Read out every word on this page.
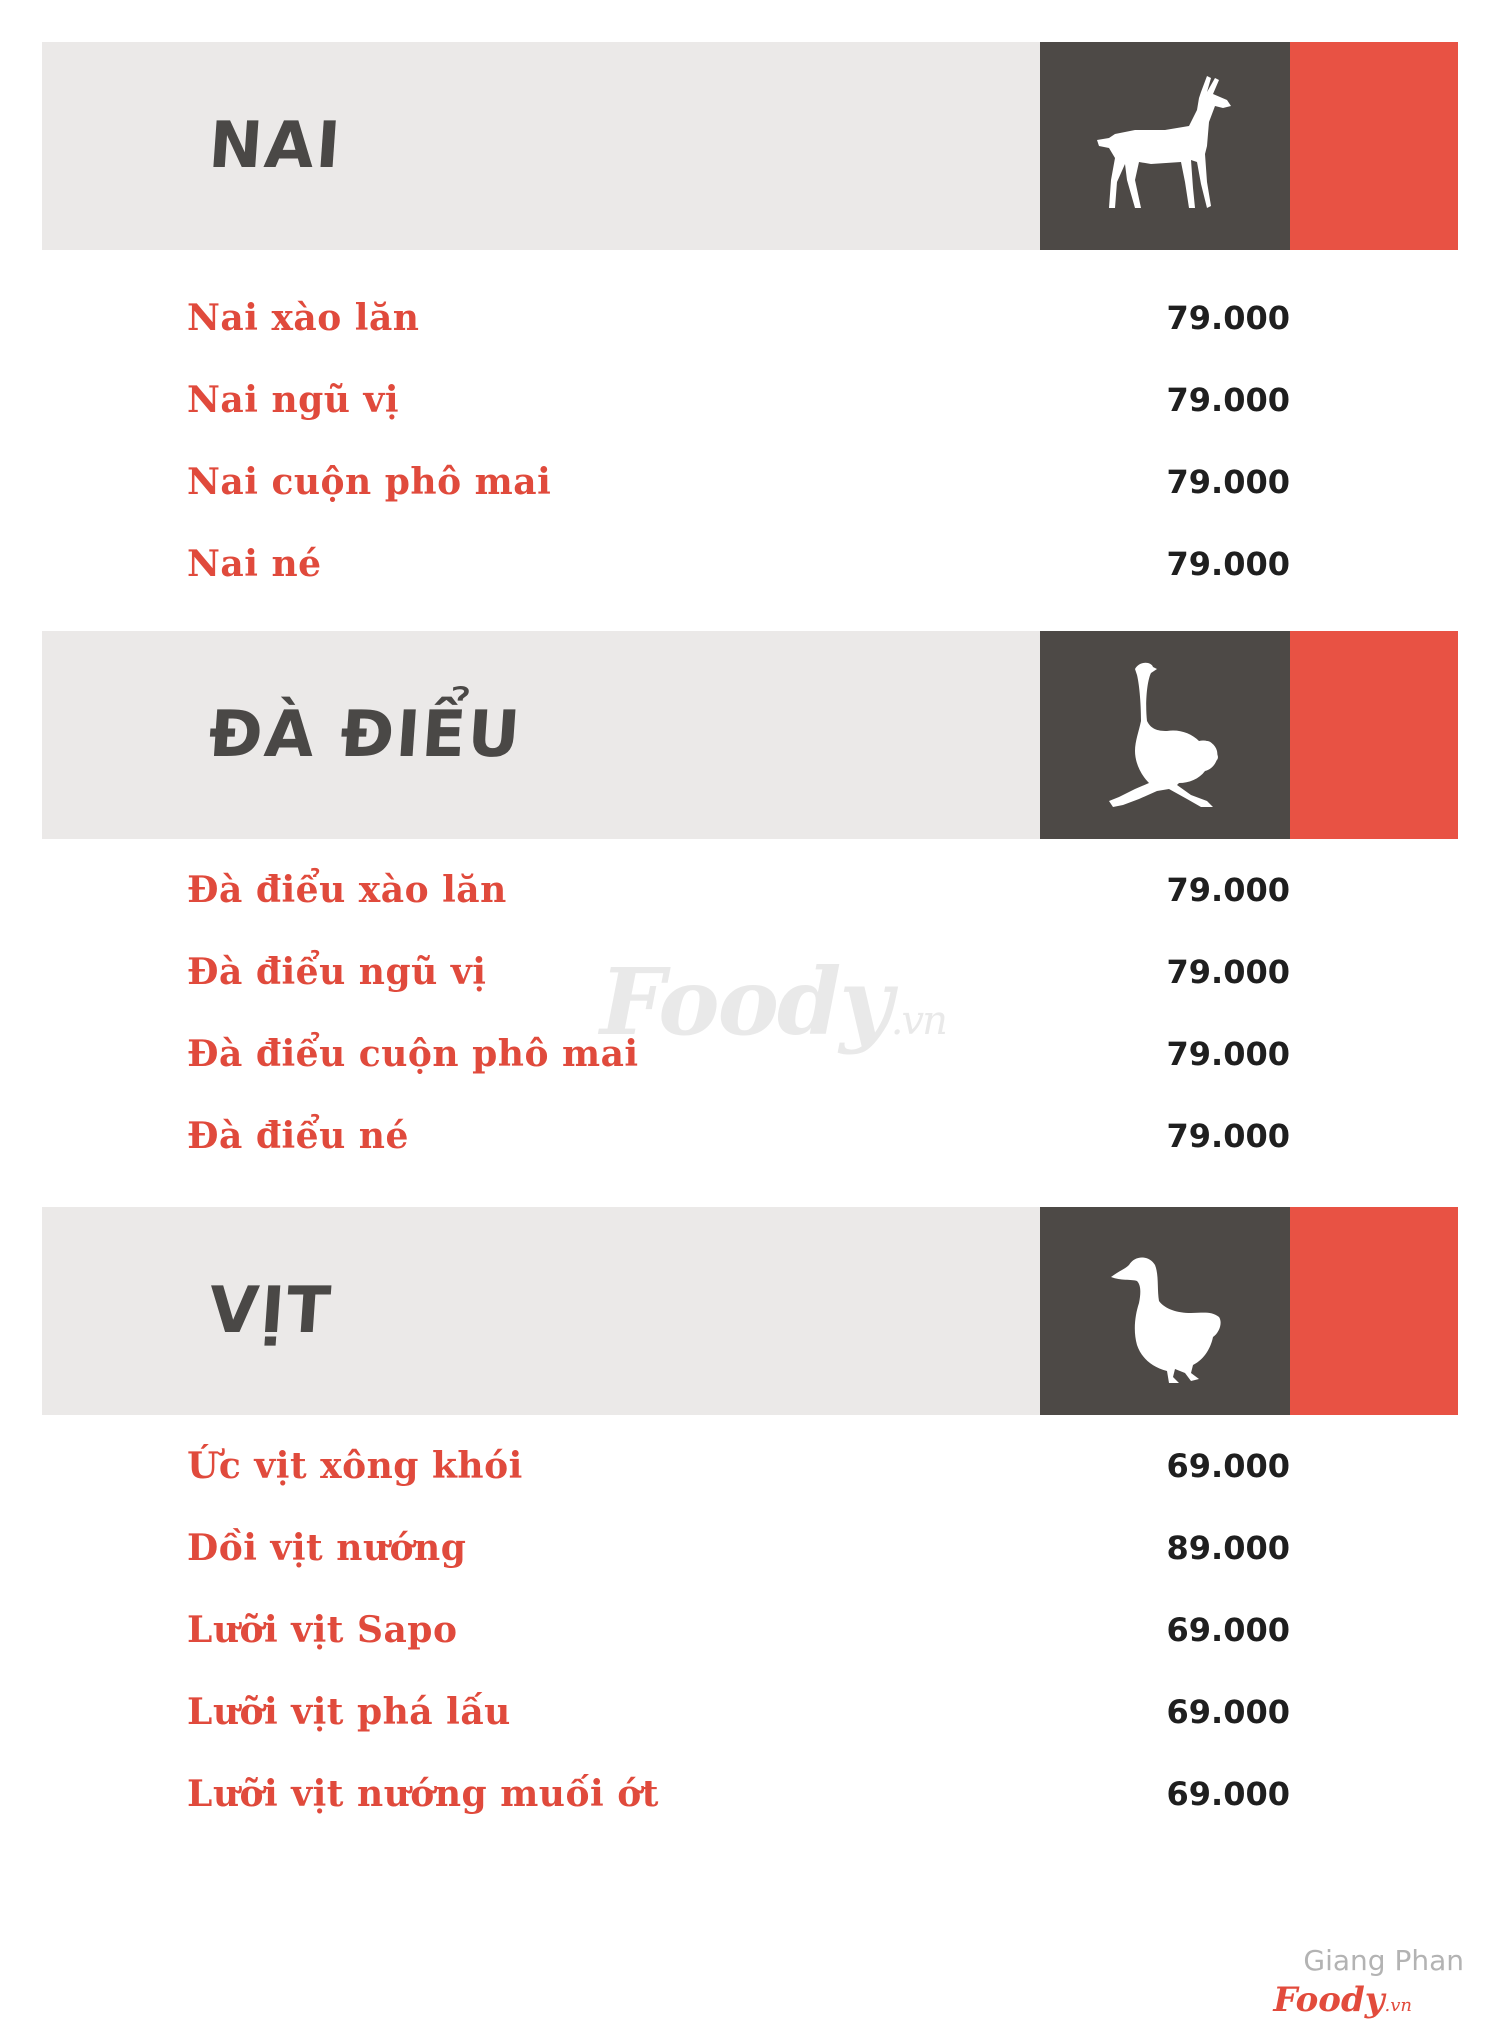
NAI
Nai xào lăn	79.000
Nai ngũ vị	79.000
Nai cuộn phô mai	79.000
Nai né	79.000
ĐÀ ĐIỂU
Đà điểu xào lăn	79.000
Đà điểu ngũ vị	79.000
Đà điểu cuộn phô mai	79.000
Đà điểu né	79.000
VỊT
Ức vịt xông khói	69.000
Dồi vịt nướng	89.000
Lưỡi vịt Sapo	69.000
Lưỡi vịt phá lấu	69.000
Lưỡi vịt nướng muối ớt	69.000
Foody.vn
Giang Phan
Foody.vn
